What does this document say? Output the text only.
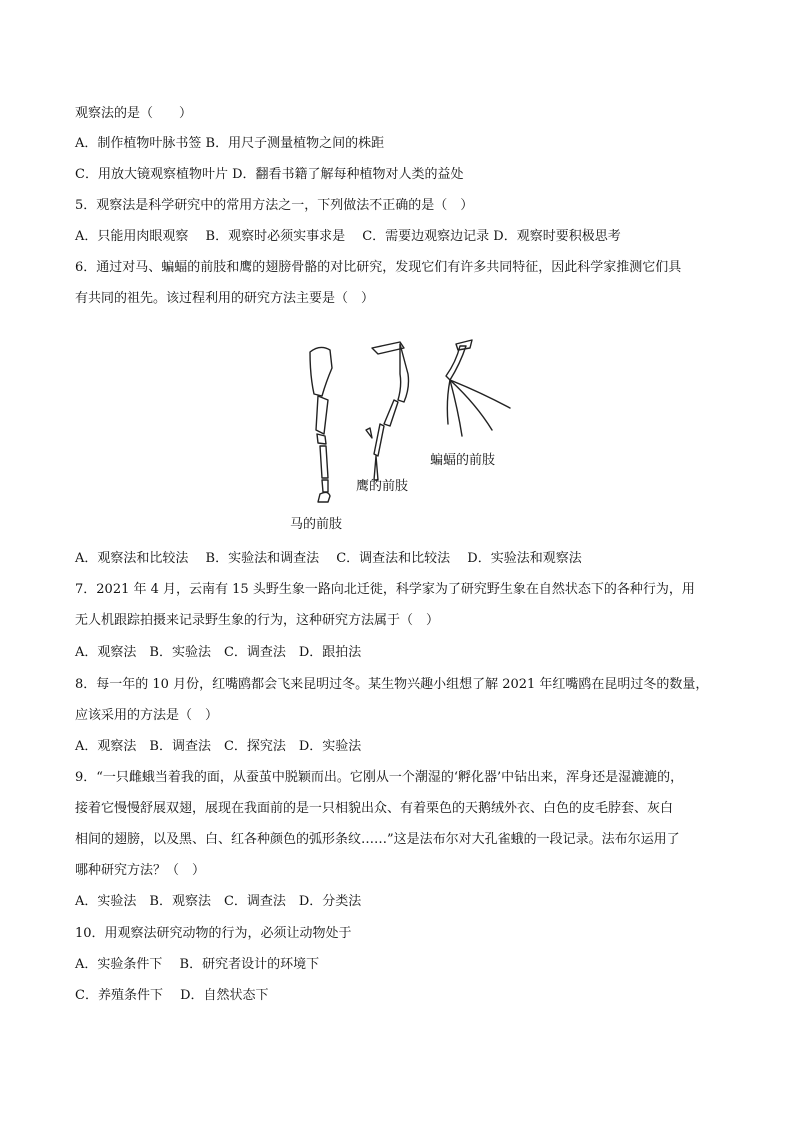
观察法的是（　　）
A．制作植物叶脉书签 B．用尺子测量植物之间的株距
C．用放大镜观察植物叶片 D．翻看书籍了解每种植物对人类的益处
5．观察法是科学研究中的常用方法之一，下列做法不正确的是（　）
A．只能用肉眼观察　 B．观察时必须实事求是　 C．需要边观察边记录 D．观察时要积极思考
6．通过对马、蝙蝠的前肢和鹰的翅膀骨骼的对比研究，发现它们有许多共同特征，因此科学家推测它们具
有共同的祖先。该过程利用的研究方法主要是（　）
马的前肢
鹰的前肢
蝙蝠的前肢
A．观察法和比较法　 B．实验法和调查法　 C．调查法和比较法　 D．实验法和观察法
7．2021 年 4 月，云南有 15 头野生象一路向北迁徙，科学家为了研究野生象在自然状态下的各种行为，用
无人机跟踪拍摄来记录野生象的行为，这种研究方法属于（　）
A．观察法　B．实验法　C．调查法　D．跟拍法
8．每一年的 10 月份，红嘴鸥都会飞来昆明过冬。某生物兴趣小组想了解 2021 年红嘴鸥在昆明过冬的数量，
应该采用的方法是（　）
A．观察法　B．调查法　C．探究法　D．实验法
9．“一只雌蛾当着我的面，从蚕茧中脱颖而出。它刚从一个潮湿的‘孵化器’中钻出来，浑身还是湿漉漉的，
接着它慢慢舒展双翅，展现在我面前的是一只相貌出众、有着栗色的天鹅绒外衣、白色的皮毛脖套、灰白
相间的翅膀，以及黑、白、红各种颜色的弧形条纹……”这是法布尔对大孔雀蛾的一段记录。法布尔运用了
哪种研究方法？（　）
A．实验法　B．观察法　C．调查法　D．分类法
10．用观察法研究动物的行为，必须让动物处于
A．实验条件下　 B．研究者设计的环境下
C．养殖条件下　 D．自然状态下
